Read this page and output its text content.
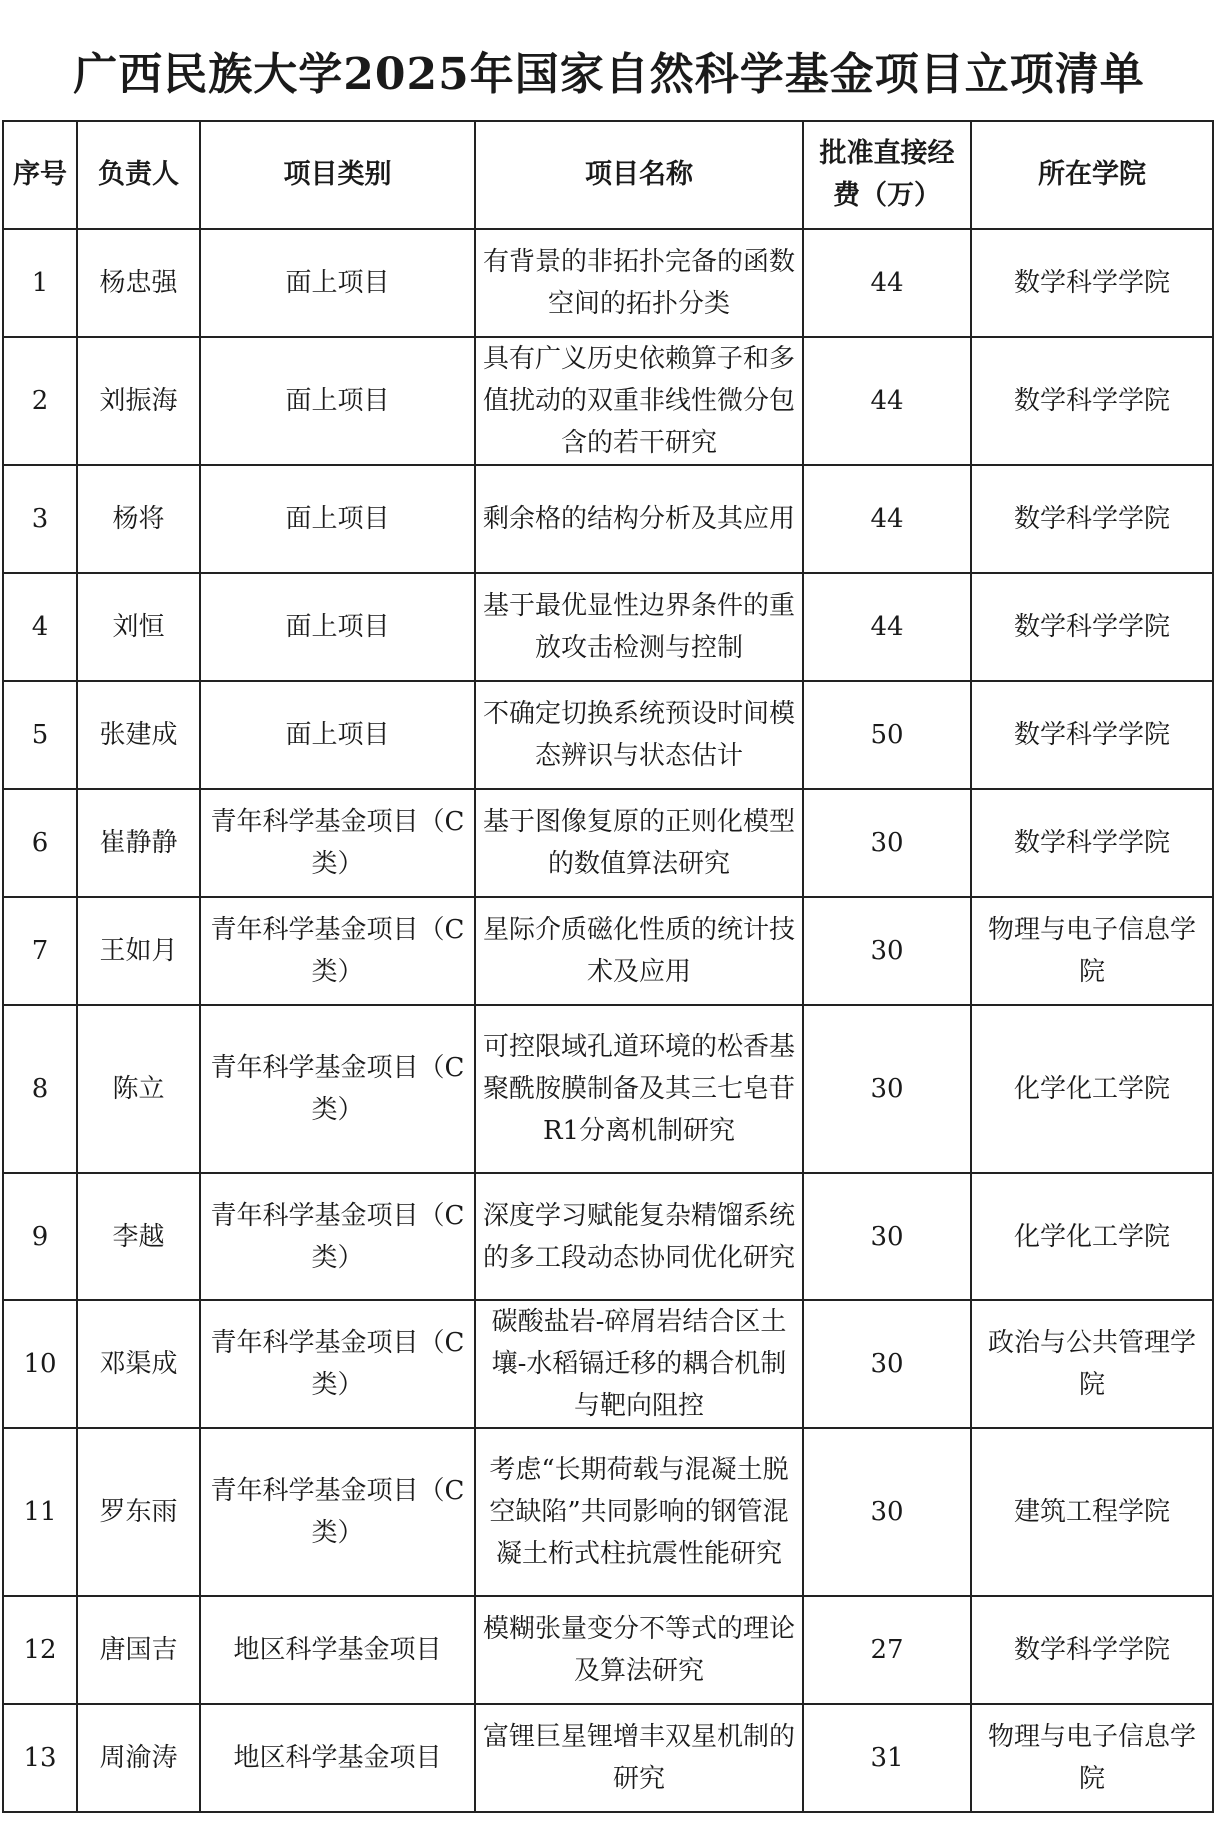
广西民族大学2025年国家自然科学基金项目立项清单
序号	负责人	项目类别	项目名称	批准直接经费（万）	所在学院
1	杨忠强	面上项目	有背景的非拓扑完备的函数空间的拓扑分类	44	数学科学学院
2	刘振海	面上项目	具有广义历史依赖算子和多值扰动的双重非线性微分包含的若干研究	44	数学科学学院
3	杨将	面上项目	剩余格的结构分析及其应用	44	数学科学学院
4	刘恒	面上项目	基于最优显性边界条件的重放攻击检测与控制	44	数学科学学院
5	张建成	面上项目	不确定切换系统预设时间模态辨识与状态估计	50	数学科学学院
6	崔静静	青年科学基金项目（C类）	基于图像复原的正则化模型的数值算法研究	30	数学科学学院
7	王如月	青年科学基金项目（C类）	星际介质磁化性质的统计技术及应用	30	物理与电子信息学院
8	陈立	青年科学基金项目（C类）	可控限域孔道环境的松香基聚酰胺膜制备及其三七皂苷R1分离机制研究	30	化学化工学院
9	李越	青年科学基金项目（C类）	深度学习赋能复杂精馏系统的多工段动态协同优化研究	30	化学化工学院
10	邓渠成	青年科学基金项目（C类）	碳酸盐岩-碎屑岩结合区土壤-水稻镉迁移的耦合机制与靶向阻控	30	政治与公共管理学院
11	罗东雨	青年科学基金项目（C类）	考虑“长期荷载与混凝土脱空缺陷”共同影响的钢管混凝土桁式柱抗震性能研究	30	建筑工程学院
12	唐国吉	地区科学基金项目	模糊张量变分不等式的理论及算法研究	27	数学科学学院
13	周渝涛	地区科学基金项目	富锂巨星锂增丰双星机制的研究	31	物理与电子信息学院
